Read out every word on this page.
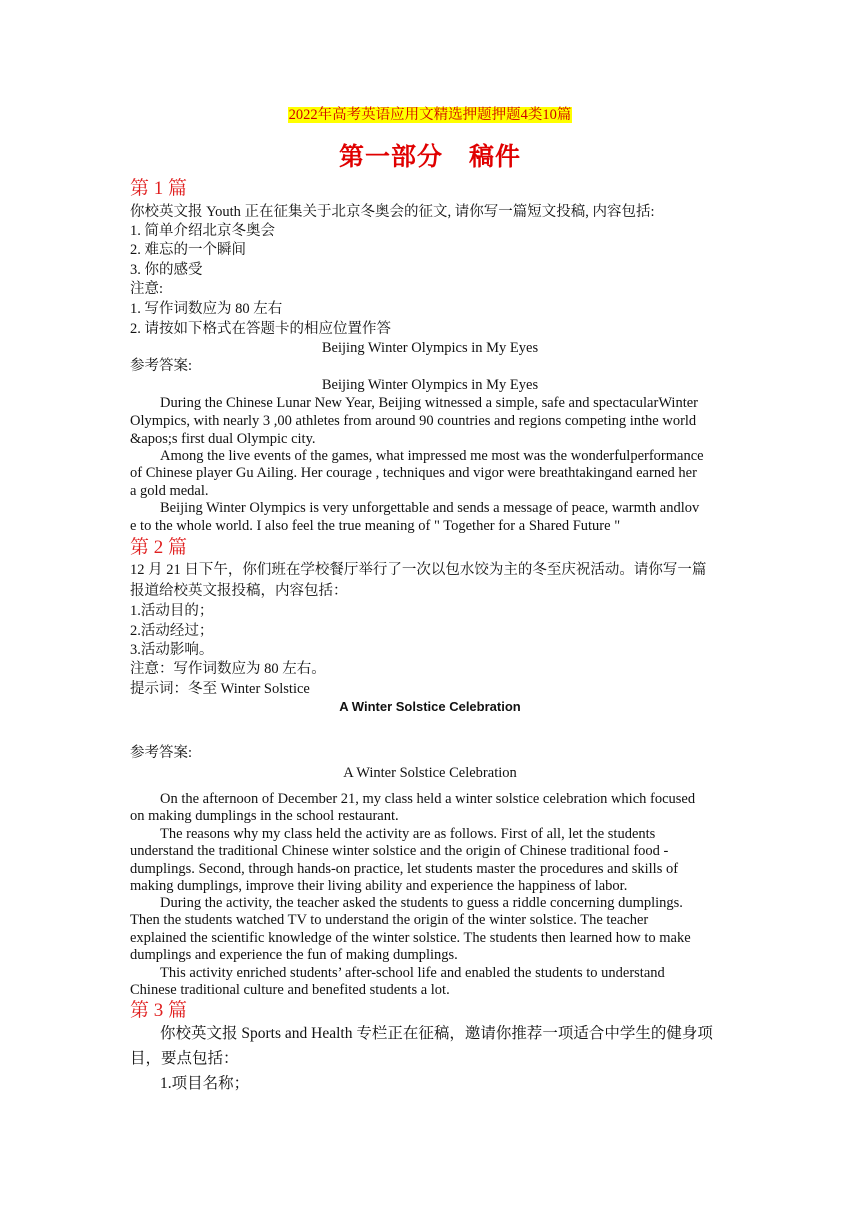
2022年高考英语应用文精选押题押题4类10篇
第一部分　稿件
第 1 篇
你校英文报 Youth 正在征集关于北京冬奥会的征文, 请你写一篇短文投稿, 内容包括:
1. 简单介绍北京冬奥会
2. 难忘的一个瞬间
3. 你的感受
注意:
1. 写作词数应为 80 左右
2. 请按如下格式在答题卡的相应位置作答
Beijing Winter Olympics in My Eyes
参考答案:
Beijing Winter Olympics in My Eyes
During the Chinese Lunar New Year, Beijing witnessed a simple, safe and spectacularWinter
Olympics, with nearly 3 ,00 athletes from around 90 countries and regions competing inthe world
&apos;s first dual Olympic city.
Among the live events of the games, what impressed me most was the wonderfulperformance
of Chinese player Gu Ailing. Her courage , techniques and vigor were breathtakingand earned her
a gold medal.
Beijing Winter Olympics is very unforgettable and sends a message of peace, warmth andlov
e to the whole world. I also feel the true meaning of " Together for a Shared Future "
第 2 篇
12 月 21 日下午，你们班在学校餐厅举行了一次以包水饺为主的冬至庆祝活动。请你写一篇
报道给校英文报投稿，内容包括：
1.活动目的；
2.活动经过；
3.活动影响。
注意：写作词数应为 80 左右。
提示词：冬至 Winter Solstice
A Winter Solstice Celebration
参考答案:
A Winter Solstice Celebration
On the afternoon of December 21, my class held a winter solstice celebration which focused
on making dumplings in the school restaurant.
The reasons why my class held the activity are as follows. First of all, let the students
understand the traditional Chinese winter solstice and the origin of Chinese traditional food -
dumplings. Second, through hands-on practice, let students master the procedures and skills of
making dumplings, improve their living ability and experience the happiness of labor.
During the activity, the teacher asked the students to guess a riddle concerning dumplings.
Then the students watched TV to understand the origin of the winter solstice. The teacher
explained the scientific knowledge of the winter solstice. The students then learned how to make
dumplings and experience the fun of making dumplings.
This activity enriched students’ after-school life and enabled the students to understand
Chinese traditional culture and benefited students a lot.
第 3 篇
你校英文报 Sports and Health 专栏正在征稿，邀请你推荐一项适合中学生的健身项
目，要点包括：
1.项目名称；
